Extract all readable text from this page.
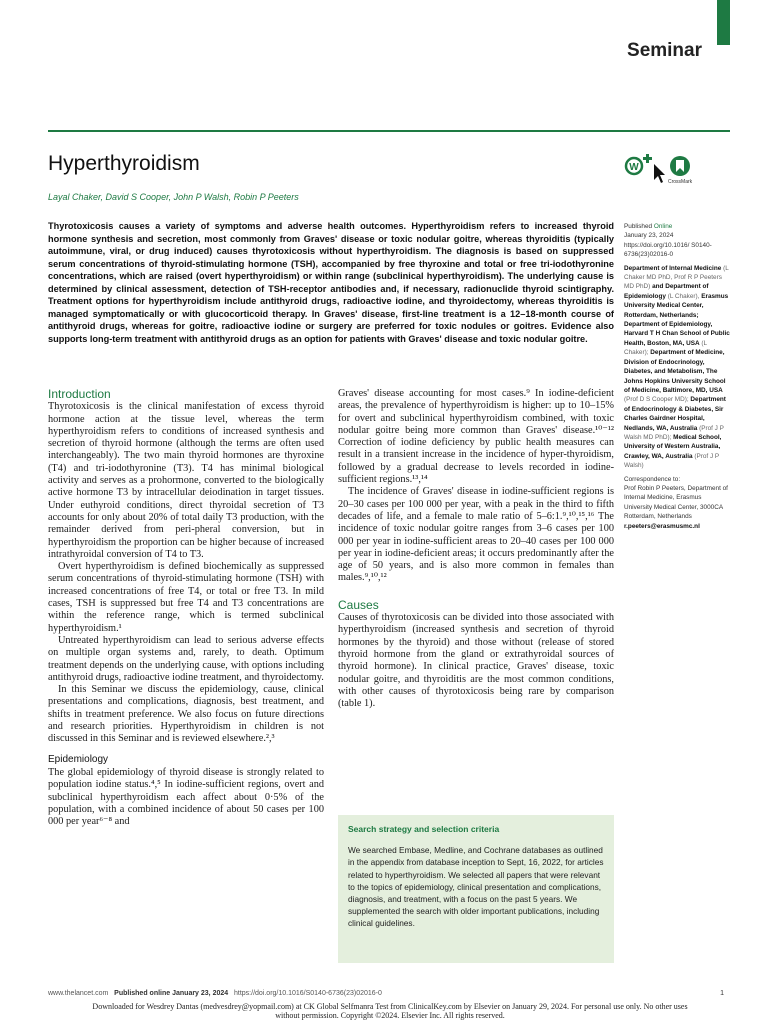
Seminar
Hyperthyroidism
Layal Chaker, David S Cooper, John P Walsh, Robin P Peeters
W
CrossMark
Thyrotoxicosis causes a variety of symptoms and adverse health outcomes. Hyperthyroidism refers to increased thyroid hormone synthesis and secretion, most commonly from Graves' disease or toxic nodular goitre, whereas thyroiditis (typically autoimmune, viral, or drug induced) causes thyrotoxicosis without hyperthyroidism. The diagnosis is based on suppressed serum concentrations of thyroid-stimulating hormone (TSH), accompanied by free thyroxine and total or free tri-iodothyronine concentrations, which are raised (overt hyperthyroidism) or within range (subclinical hyperthyroidism). The underlying cause is determined by clinical assessment, detection of TSH-receptor antibodies and, if necessary, radionuclide thyroid scintigraphy. Treatment options for hyperthyroidism include antithyroid drugs, radioactive iodine, and thyroidectomy, whereas thyroiditis is managed symptomatically or with glucocorticoid therapy. In Graves' disease, first-line treatment is a 12–18-month course of antithyroid drugs, whereas for goitre, radioactive iodine or surgery are preferred for toxic nodules or goitres. Evidence also supports long-term treatment with antithyroid drugs as an option for patients with Graves' disease and toxic nodular goitre.
Published Online
January 23, 2024
https://doi.org/10.1016/ S0140-6736(23)02016-0
Department of Internal Medicine (L Chaker MD PhD, Prof R P Peeters MD PhD) and Department of Epidemiology (L Chaker), Erasmus University Medical Center, Rotterdam, Netherlands; Department of Epidemiology, Harvard T H Chan School of Public Health, Boston, MA, USA (L Chaker); Department of Medicine, Division of Endocrinology, Diabetes, and Metabolism, The Johns Hopkins University School of Medicine, Baltimore, MD, USA (Prof D S Cooper MD); Department of Endocrinology & Diabetes, Sir Charles Gairdner Hospital, Nedlands, WA, Australia (Prof J P Walsh MD PhD); Medical School, University of Western Australia, Crawley, WA, Australia (Prof J P Walsh)
Correspondence to:
Prof Robin P Peeters, Department of Internal Medicine, Erasmus University Medical Center, 3000CA Rotterdam, Netherlands
r.peeters@erasmusmc.nl
Introduction

Thyrotoxicosis is the clinical manifestation of excess thyroid hormone action at the tissue level, whereas the term hyperthyroidism refers to conditions of increased synthesis and secretion of thyroid hormone (although the terms are often used interchangeably). The two main thyroid hormones are thyroxine (T4) and tri-iodothyronine (T3). T4 has minimal biological activity and serves as a prohormone, converted to the biologically active hormone T3 by intracellular deiodination in target tissues. Under euthyroid conditions, direct thyroidal secretion of T3 accounts for only about 20% of total daily T3 production, with the remainder derived from peri-pheral conversion, but in hyperthyroidism the proportion can be higher because of increased intrathyroidal conversion of T4 to T3.

Overt hyperthyroidism is defined biochemically as suppressed serum concentrations of thyroid-stimulating hormone (TSH) with increased concentrations of free T4, or total or free T3. In mild cases, TSH is suppressed but free T4 and T3 concentrations are within the reference range, which is termed subclinical hyperthyroidism.¹

Untreated hyperthyroidism can lead to serious adverse effects on multiple organ systems and, rarely, to death. Optimum treatment depends on the underlying cause, with options including antithyroid drugs, radioactive iodine treatment, and thyroidectomy.

In this Seminar we discuss the epidemiology, cause, clinical presentations and complications, diagnosis, best treatment, and shifts in treatment preference. We also focus on future directions and research priorities. Hyperthyroidism in children is not discussed in this Seminar and is reviewed elsewhere.²,³

Epidemiology

The global epidemiology of thyroid disease is strongly related to population iodine status.⁴,⁵ In iodine-sufficient regions, overt and subclinical hyperthyroidism each affect about 0·5% of the population, with a combined incidence of about 50 cases per 100 000 per year⁶⁻⁸ and

Graves' disease accounting for most cases.⁹ In iodine-deficient areas, the prevalence of hyperthyroidism is higher: up to 10–15% for overt and subclinical hyperthyroidism combined, with toxic nodular goitre being more common than Graves' disease.¹⁰⁻¹² Correction of iodine deficiency by public health measures can result in a transient increase in the incidence of hyper-thyroidism, followed by a gradual decrease to levels recorded in iodine-sufficient regions.¹³,¹⁴

The incidence of Graves' disease in iodine-sufficient regions is 20–30 cases per 100 000 per year, with a peak in the third to fifth decades of life, and a female to male ratio of 5–6:1.⁹,¹⁰,¹⁵,¹⁶ The incidence of toxic nodular goitre ranges from 3–6 cases per 100 000 per year in iodine-sufficient areas to 20–40 cases per 100 000 per year in iodine-deficient areas; it occurs predominantly after the age of 50 years, and is also more common in females than males.⁹,¹⁰,¹²

Causes

Causes of thyrotoxicosis can be divided into those associated with hyperthyroidism (increased synthesis and secretion of thyroid hormones by the thyroid) and those without (release of stored thyroid hormone from the gland or extrathyroidal sources of thyroid hormone). In clinical practice, Graves' disease, toxic nodular goitre, and thyroiditis are the most common conditions, with other causes of thyrotoxicosis being rare by comparison (table 1).

Search strategy and selection criteria

We searched Embase, Medline, and Cochrane databases as outlined in the appendix from database inception to Sept, 16, 2022, for articles related to hyperthyroidism. We selected all papers that were relevant to the topics of epidemiology, clinical presentation and complications, diagnosis, and treatment, with a focus on the past 5 years. We supplemented the search with older important publications, including clinical guidelines.

www.thelancet.com Published online January 23, 2024 https://doi.org/10.1016/S0140-6736(23)02016-0	1
Downloaded for Wesdrey Dantas (medvesdrey@yopmail.com) at CK Global Selfmanra Test from ClinicalKey.com by Elsevier on January 29, 2024. For personal use only. No other uses without permission. Copyright ©2024. Elsevier Inc. All rights reserved.
